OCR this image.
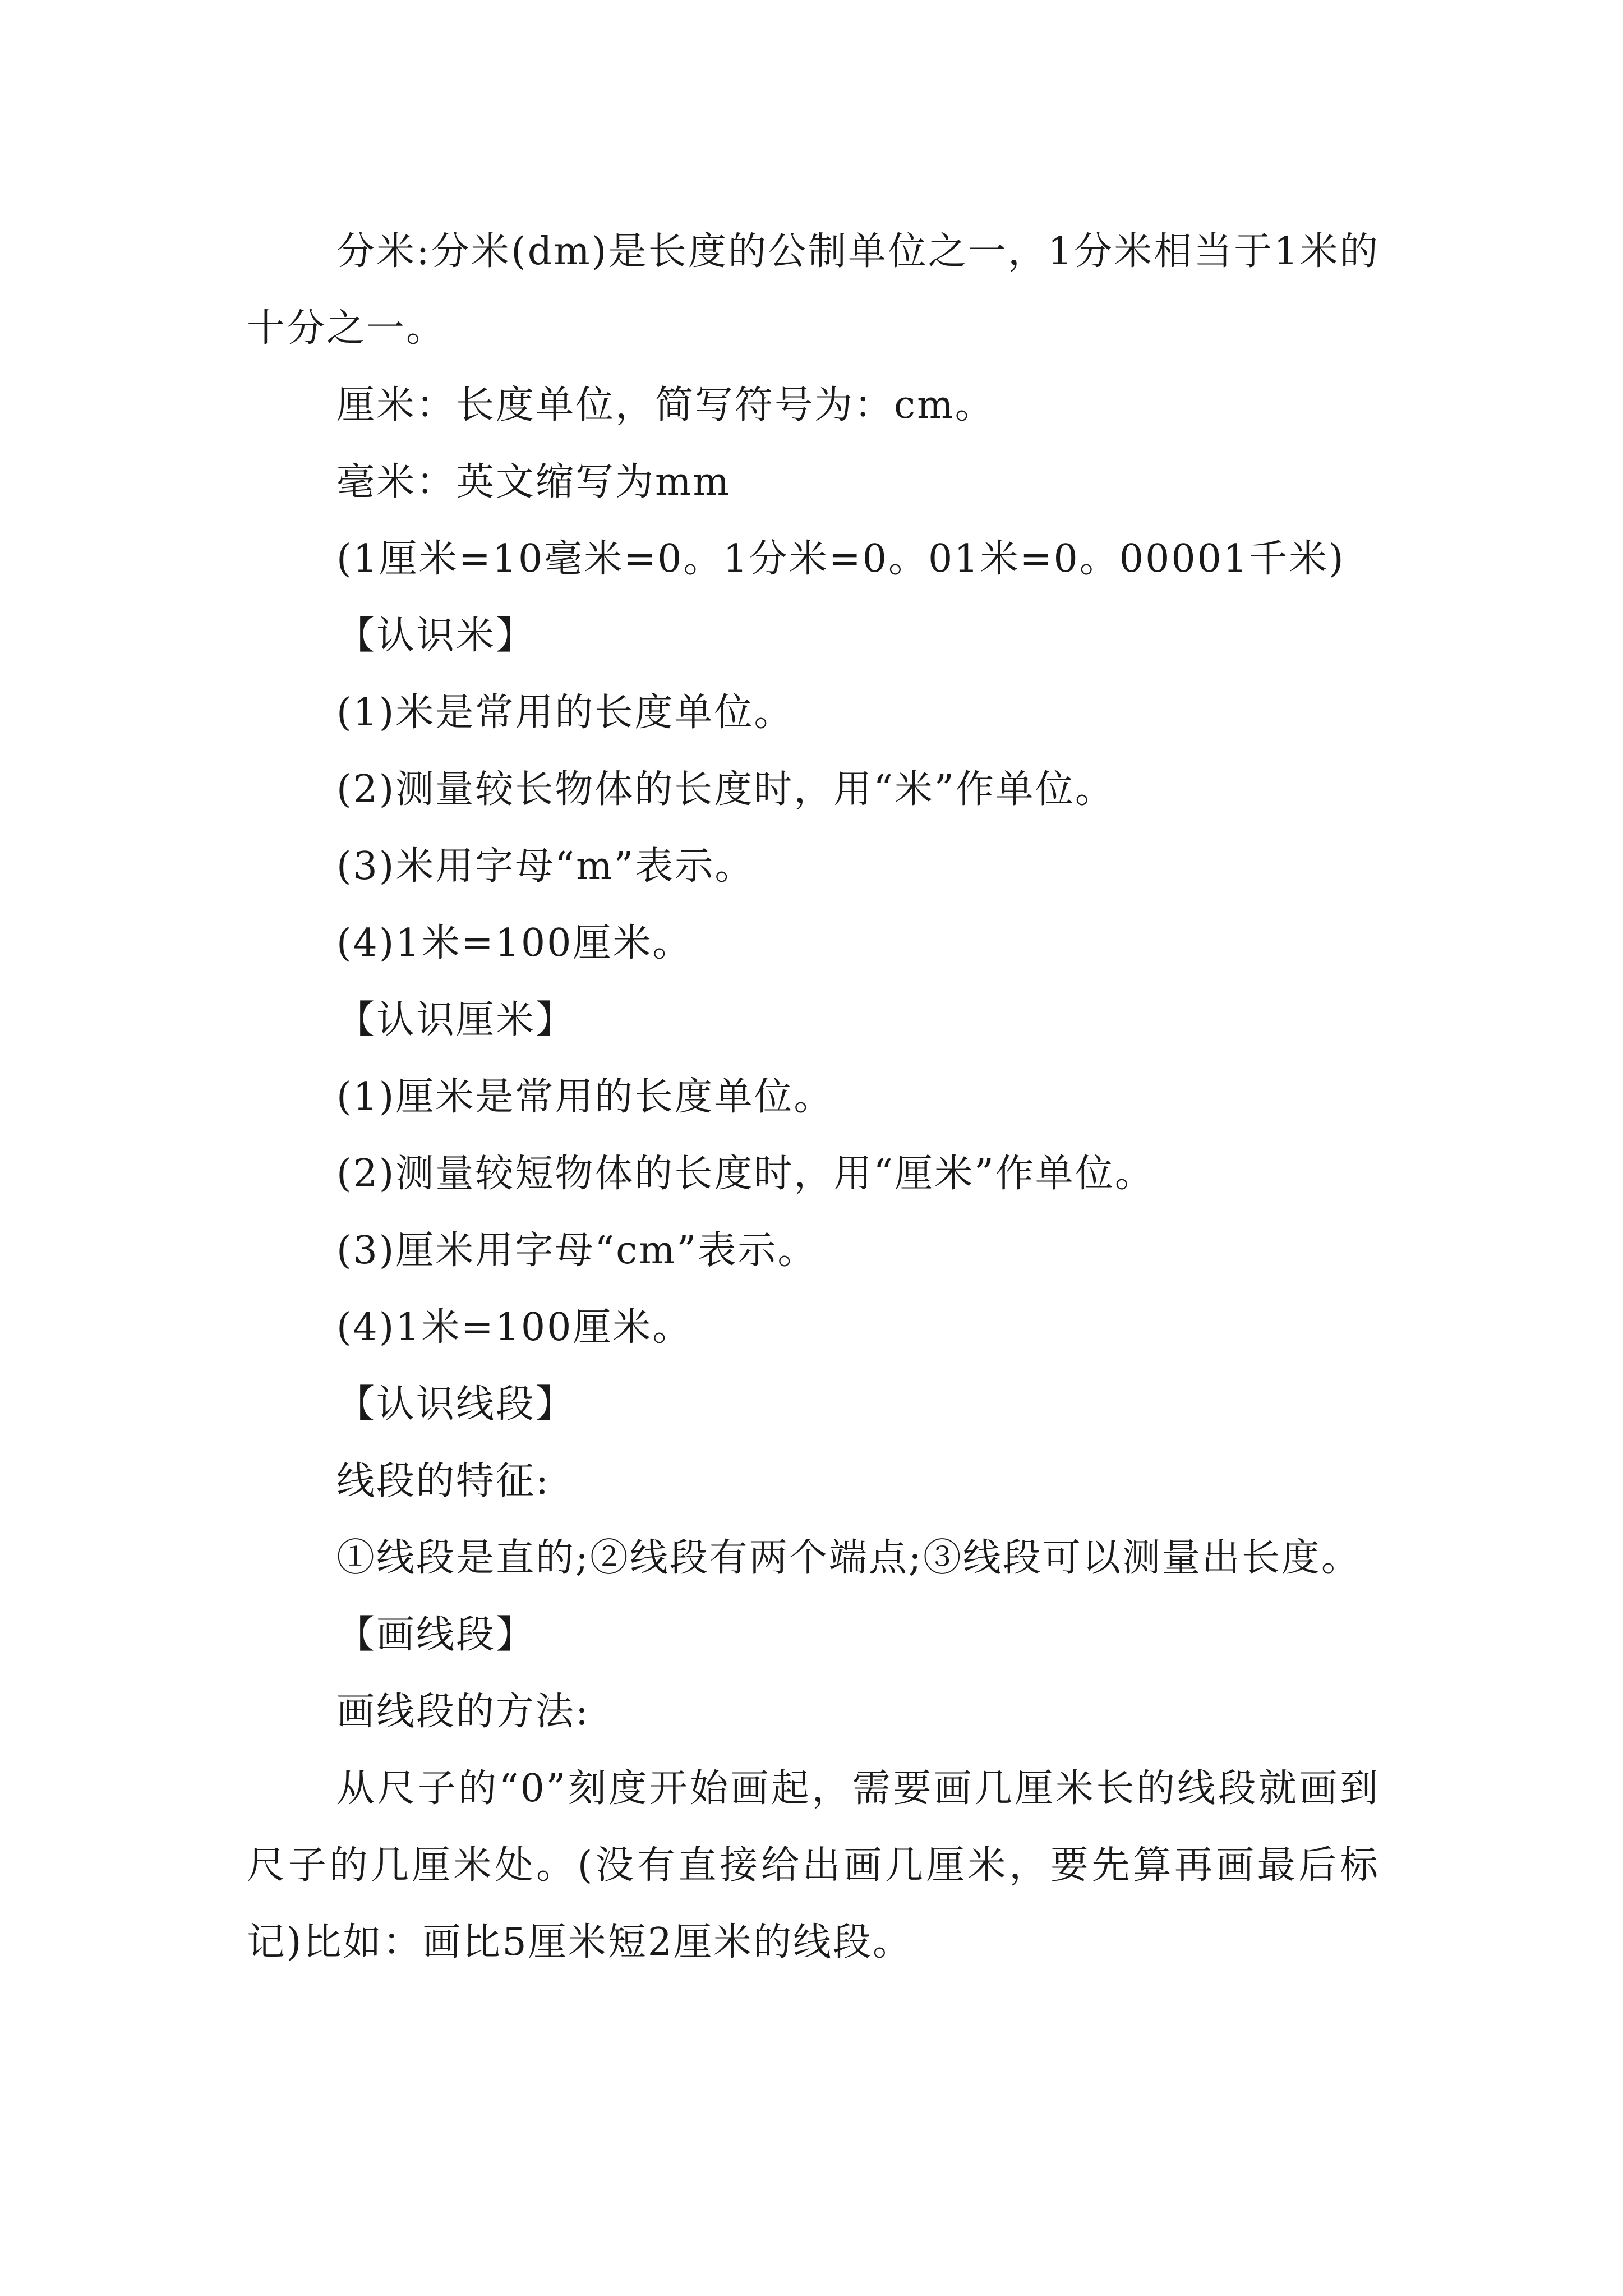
分米:分米(dm)是长度的公制单位之一，1分米相当于1米的十分之一。

厘米：长度单位，简写符号为：cm。

毫米：英文缩写为mm

(1厘米=10毫米=0。1分米=0。01米=0。00001千米)

【认识米】

(1)米是常用的长度单位。

(2)测量较长物体的长度时，用“米”作单位。

(3)米用字母“m”表示。

(4)1米=100厘米。

【认识厘米】

(1)厘米是常用的长度单位。

(2)测量较短物体的长度时，用“厘米”作单位。

(3)厘米用字母“cm”表示。

(4)1米=100厘米。

【认识线段】

线段的特征:

①线段是直的;②线段有两个端点;③线段可以测量出长度。

【画线段】

画线段的方法:

从尺子的“0”刻度开始画起，需要画几厘米长的线段就画到尺子的几厘米处。(没有直接给出画几厘米，要先算再画最后标记)比如：画比5厘米短2厘米的线段。
